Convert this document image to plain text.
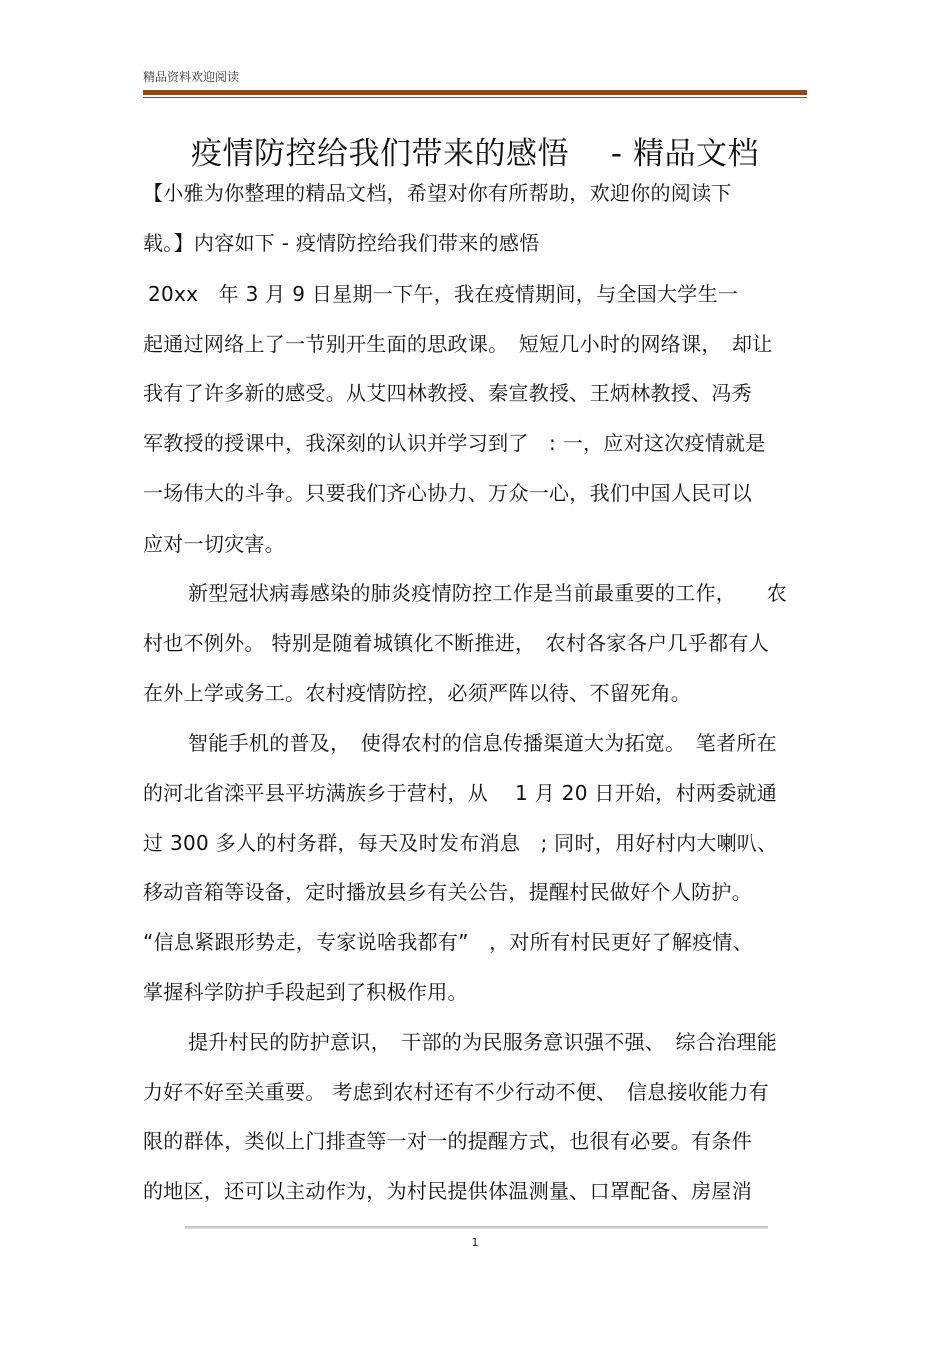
精品资料欢迎阅读
疫情防控给我们带来的感悟　 - 精品文档
【小雅为你整理的精品文档，希望对你有所帮助，欢迎你的阅读下
载。】内容如下 - 疫情防控给我们带来的感悟
20xx　年 3 月 9 日星期一下午，我在疫情期间，与全国大学生一
起通过网络上了一节别开生面的思政课。　短短几小时的网络课，　却让
我有了许多新的感受。从艾四林教授、秦宣教授、王炳林教授、冯秀
军教授的授课中，我深刻的认识并学习到了　: 一，应对这次疫情就是
一场伟大的斗争。只要我们齐心协力、万众一心，我们中国人民可以
应对一切灾害。
新型冠状病毒感染的肺炎疫情防控工作是当前最重要的工作，　　农
村也不例外。 特别是随着城镇化不断推进，　农村各家各户几乎都有人
在外上学或务工。农村疫情防控，必须严阵以待、不留死角。
智能手机的普及，　使得农村的信息传播渠道大为拓宽。　笔者所在
的河北省滦平县平坊满族乡于营村，从　 1 月 20 日开始，村两委就通
过 300 多人的村务群，每天及时发布消息　; 同时，用好村内大喇叭、
移动音箱等设备，定时播放县乡有关公告，提醒村民做好个人防护。
“信息紧跟形势走，专家说啥我都有”　，对所有村民更好了解疫情、
掌握科学防护手段起到了积极作用。
提升村民的防护意识，　干部的为民服务意识强不强、　综合治理能
力好不好至关重要。 考虑到农村还有不少行动不便、　信息接收能力有
限的群体，类似上门排查等一对一的提醒方式，也很有必要。有条件
的地区，还可以主动作为，为村民提供体温测量、口罩配备、房屋消
1
